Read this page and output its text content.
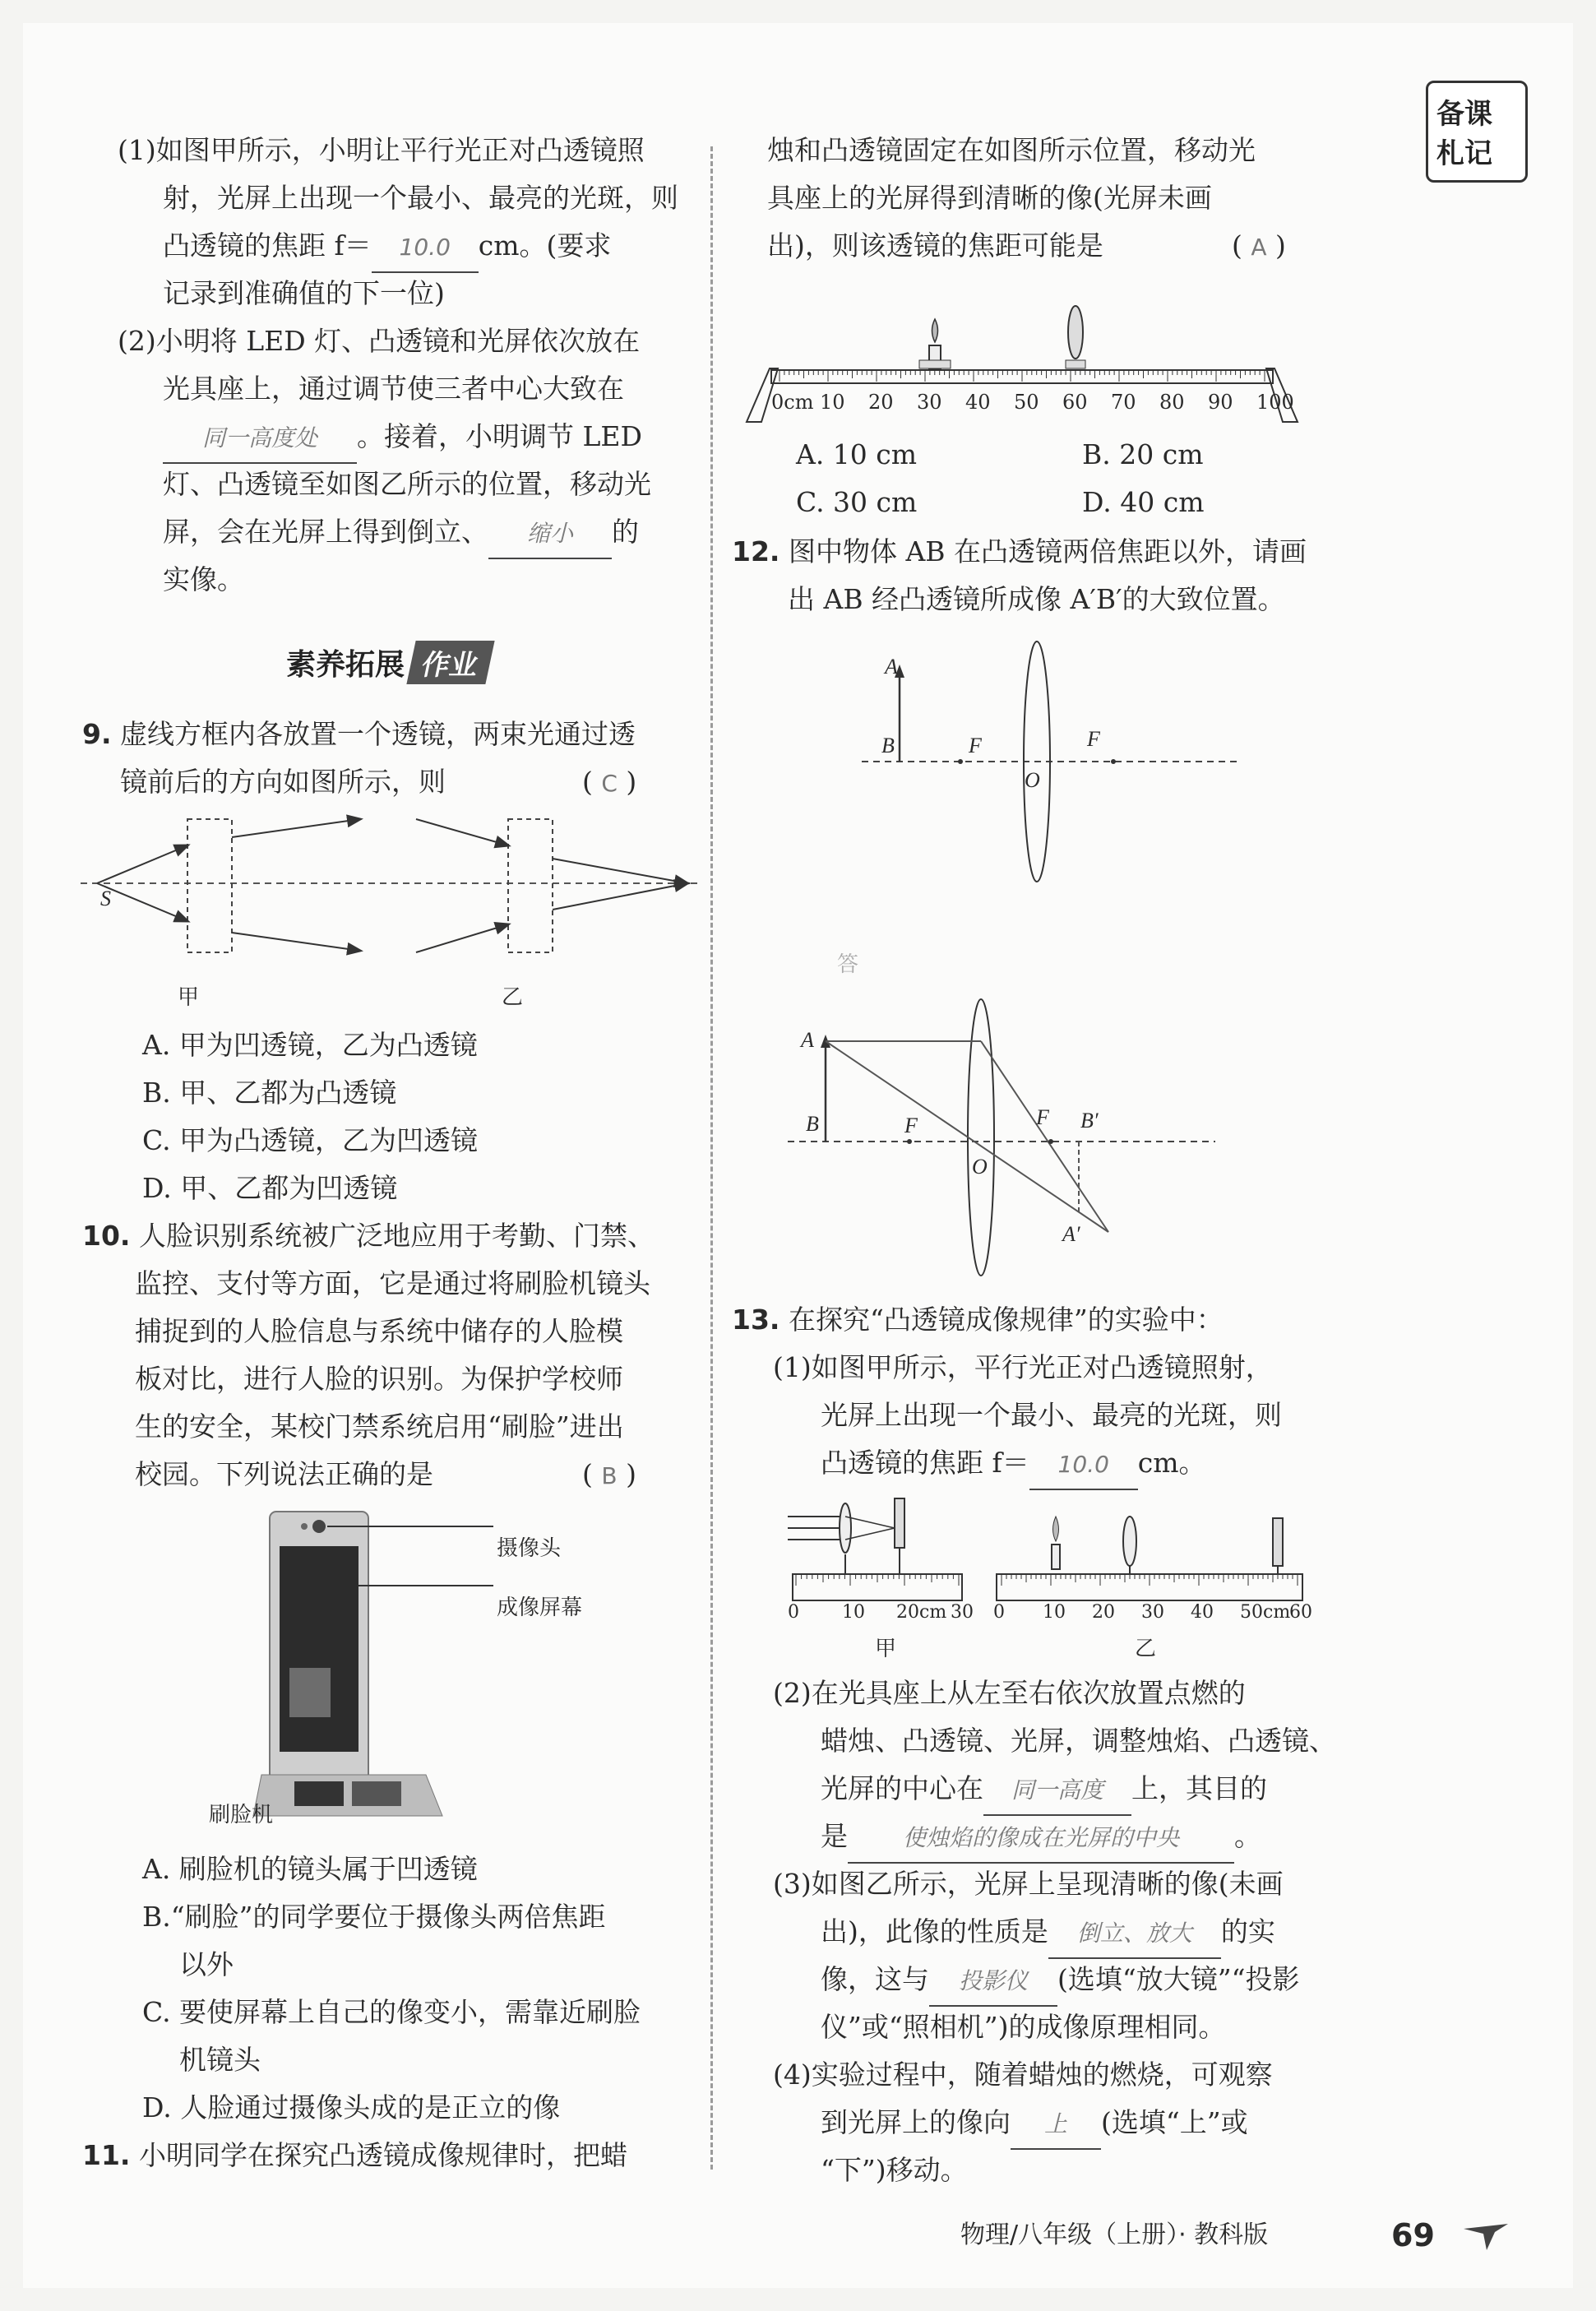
备课
札记
(1)如图甲所示，小明让平行光正对凸透镜照
射，光屏上出现一个最小、最亮的光斑，则
凸透镜的焦距 f＝ 10.0 cm。(要求
记录到准确值的下一位)
(2)小明将 LED 灯、凸透镜和光屏依次放在
光具座上，通过调节使三者中心大致在
同一高度处 。接着，小明调节 LED
灯、凸透镜至如图乙所示的位置，移动光
屏，会在光屏上得到倒立、 缩小 的
实像。
素养拓展 作业
9. 虚线方框内各放置一个透镜，两束光通过透
镜前后的方向如图所示，则	( C )
S
甲	乙
A. 甲为凹透镜，乙为凸透镜
B. 甲、乙都为凸透镜
C. 甲为凸透镜，乙为凹透镜
D. 甲、乙都为凹透镜
10. 人脸识别系统被广泛地应用于考勤、门禁、
监控、支付等方面，它是通过将刷脸机镜头
捕捉到的人脸信息与系统中储存的人脸模
板对比，进行人脸的识别。为保护学校师
生的安全，某校门禁系统启用“刷脸”进出
校园。下列说法正确的是	( B )
摄像头
成像屏幕
刷脸机
A. 刷脸机的镜头属于凹透镜
B.“刷脸”的同学要位于摄像头两倍焦距
以外
C. 要使屏幕上自己的像变小，需靠近刷脸
机镜头
D. 人脸通过摄像头成的是正立的像
11. 小明同学在探究凸透镜成像规律时，把蜡
烛和凸透镜固定在如图所示位置，移动光
具座上的光屏得到清晰的像(光屏未画
出)，则该透镜的焦距可能是	( A )
0cm 10 20 30 40 50 60 70 80 90 100
A. 10 cm	B. 20 cm
C. 30 cm	D. 40 cm
12. 图中物体 AB 在凸透镜两倍焦距以外，请画
出 AB 经凸透镜所成像 A′B′的大致位置。
A
B	F
O
F
答
A
B	F	F
O
B′
A′
13. 在探究“凸透镜成像规律”的实验中：
(1)如图甲所示，平行光正对凸透镜照射，
光屏上出现一个最小、最亮的光斑，则
凸透镜的焦距 f＝ 10.0 cm。
0 10 20cm 30 0 10 20 30 40 50cm
60
甲	乙
(2)在光具座上从左至右依次放置点燃的
蜡烛、凸透镜、光屏，调整烛焰、凸透镜、
光屏的中心在 同一高度 上，其目的
是 使烛焰的像成在光屏的中央 。
(3)如图乙所示，光屏上呈现清晰的像(未画
出)，此像的性质是 倒立、放大 的实
像，这与 投影仪 (选填“放大镜”“投影
仪”或“照相机”)的成像原理相同。
(4)实验过程中，随着蜡烛的燃烧，可观察
到光屏上的像向 上 (选填“上”或
“下”)移动。
物理/八年级（上册）· 教科版	69
